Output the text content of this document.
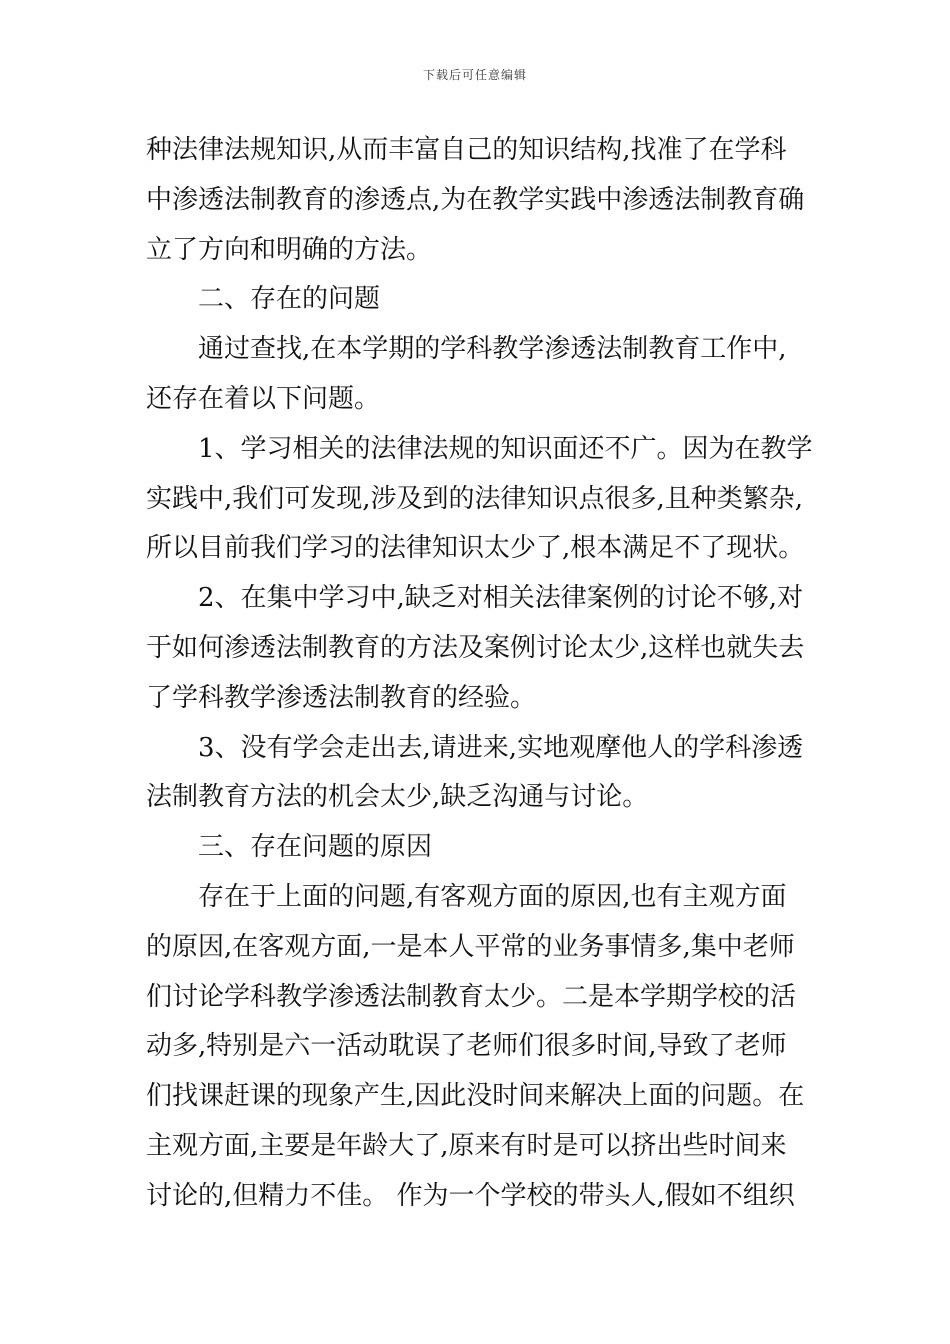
下载后可任意编辑
种法律法规知识,从而丰富自己的知识结构,找准了在学科
中渗透法制教育的渗透点,为在教学实践中渗透法制教育确
立了方向和明确的方法。
二、存在的问题
通过查找,在本学期的学科教学渗透法制教育工作中,
还存在着以下问题。
1、学习相关的法律法规的知识面还不广。因为在教学
实践中,我们可发现,涉及到的法律知识点很多,且种类繁杂,
所以目前我们学习的法律知识太少了,根本满足不了现状。
2、在集中学习中,缺乏对相关法律案例的讨论不够,对
于如何渗透法制教育的方法及案例讨论太少,这样也就失去
了学科教学渗透法制教育的经验。
3、没有学会走出去,请进来,实地观摩他人的学科渗透
法制教育方法的机会太少,缺乏沟通与讨论。
三、存在问题的原因
存在于上面的问题,有客观方面的原因,也有主观方面
的原因,在客观方面,一是本人平常的业务事情多,集中老师
们讨论学科教学渗透法制教育太少。二是本学期学校的活
动多,特别是六一活动耽误了老师们很多时间,导致了老师
们找课赶课的现象产生,因此没时间来解决上面的问题。在
主观方面,主要是年龄大了,原来有时是可以挤出些时间来
讨论的,但精力不佳。 作为一个学校的带头人,假如不组织
